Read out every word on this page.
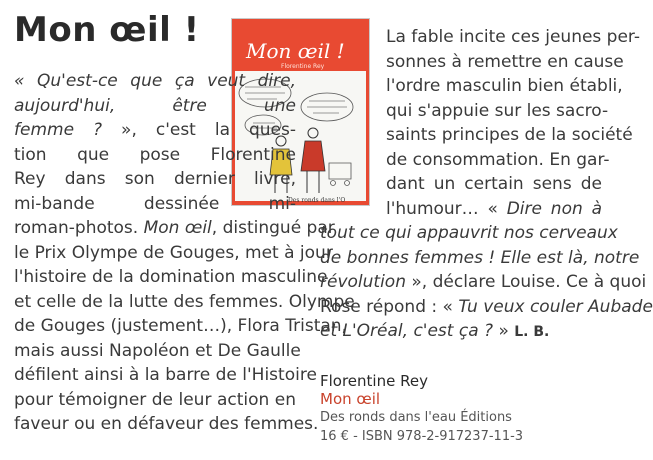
Mon œil !
Mon œil !
Florentine Rey
Des ronds dans l'O
« Qu'est-ce que ça veut dire,
aujourd'hui, être une
femme ? », c'est la ques-
tion que pose Florentine
Rey dans son dernier livre,
mi-bande dessinée mi-
roman-photos. Mon œil, distingué par
le Prix Olympe de Gouges, met à jour
l'histoire de la domination masculine
et celle de la lutte des femmes. Olympe
de Gouges (justement…), Flora Tristan,
mais aussi Napoléon et De Gaulle
défilent ainsi à la barre de l'Histoire
pour témoigner de leur action en
faveur ou en défaveur des femmes.
La fable incite ces jeunes per-
sonnes à remettre en cause
l'ordre masculin bien établi,
qui s'appuie sur les sacro-
saints principes de la société
de consommation. En gar-
dant un certain sens de
l'humour… « Dire non à
tout ce qui appauvrit nos cerveaux
de bonnes femmes ! Elle est là, notre
révolution », déclare Louise. Ce à quoi
Rose répond : « Tu veux couler Aubade
et L'Oréal, c'est ça ? » L. B.
Florentine Rey
Mon œil
Des ronds dans l'eau Éditions
16 € - ISBN 978-2-917237-11-3
